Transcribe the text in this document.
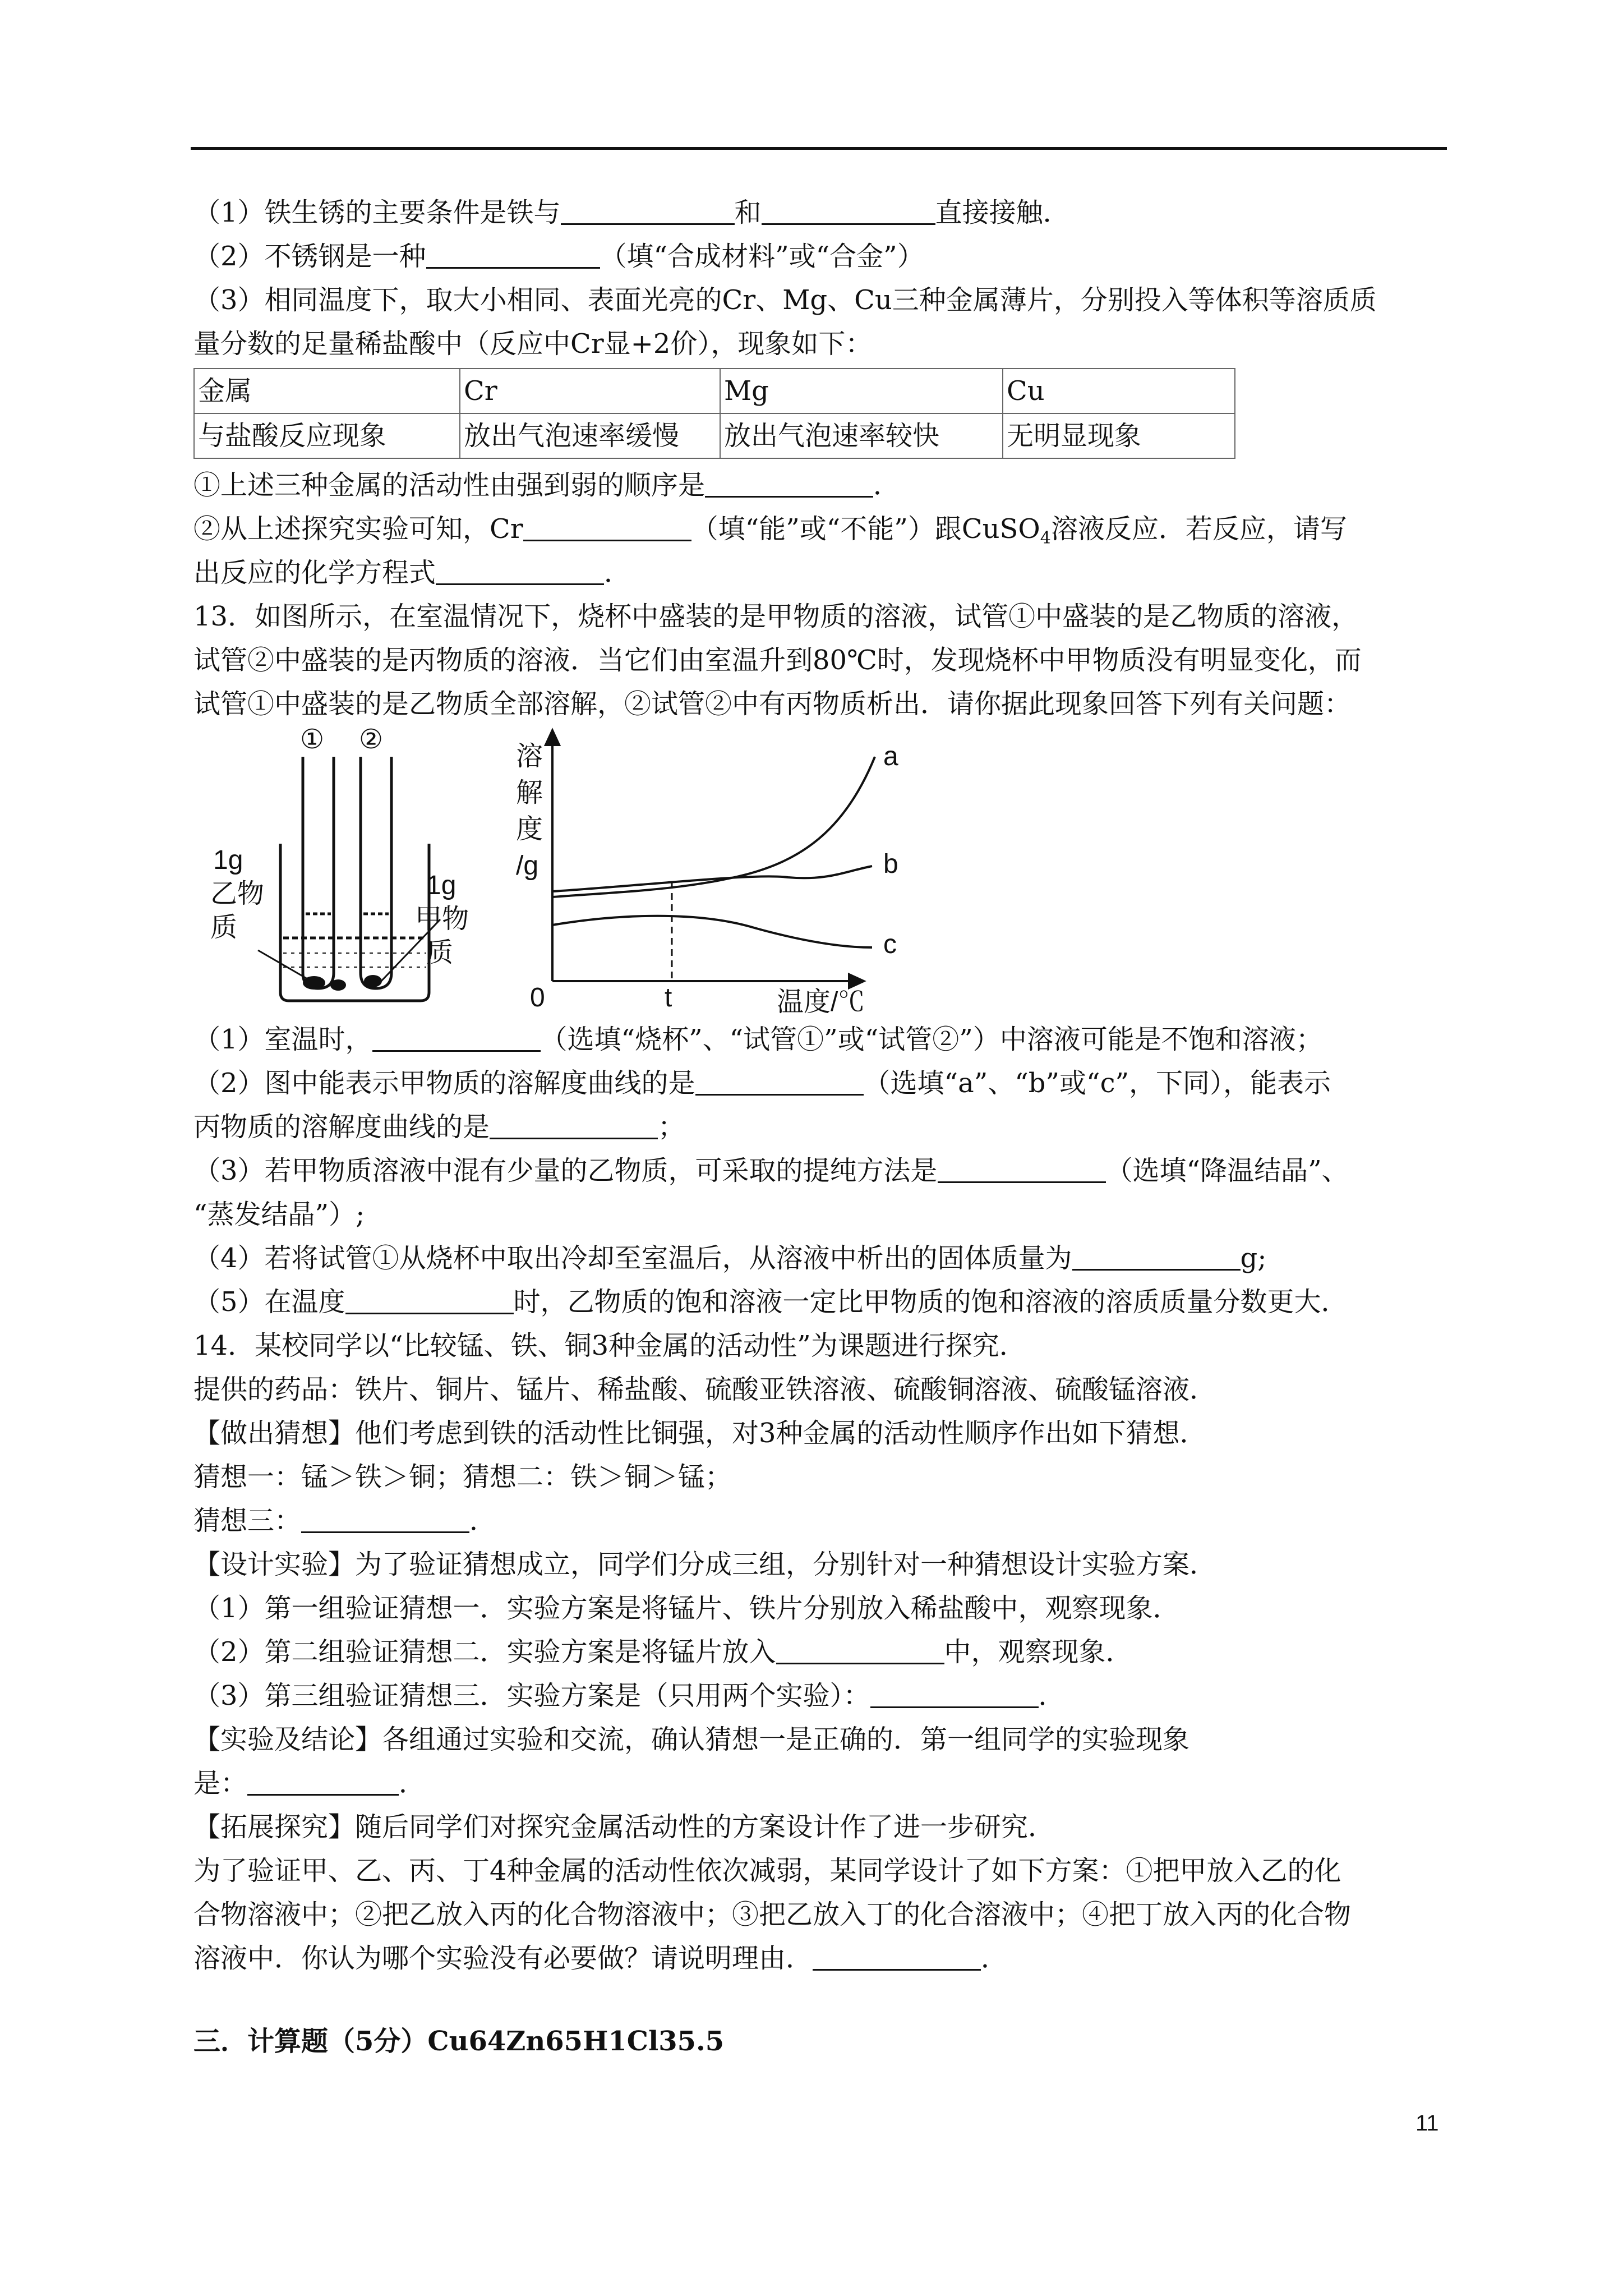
（1）铁生锈的主要条件是铁与	和	直接接触．
（2）不锈钢是一种	（填“合成材料”或“合金”）
（3）相同温度下，取大小相同、表面光亮的Cr、Mg、Cu三种金属薄片，分别投入等体积等溶质质
量分数的足量稀盐酸中（反应中Cr显+2价），现象如下：
金属	Cr	Mg	Cu
与盐酸反应现象	放出气泡速率缓慢	放出气泡速率较快	无明显现象
①上述三种金属的活动性由强到弱的顺序是	．
②从上述探究实验可知，Cr	（填“能”或“不能”）跟CuSO$_4$溶液反应．若反应，请写
出反应的化学方程式	．
13．如图所示，在室温情况下，烧杯中盛装的是甲物质的溶液，试管①中盛装的是乙物质的溶液，
试管②中盛装的是丙物质的溶液．当它们由室温升到80℃时，发现烧杯中甲物质没有明显变化，而
试管①中盛装的是乙物质全部溶解，②试管②中有丙物质析出．请你据此现象回答下列有关问题：
① ②
1g
乙物
质
1g
甲物
质
溶
解
度
/g
0	t	温度/℃
a
b
c
（1）室温时，	（选填“烧杯”、“试管①”或“试管②”）中溶液可能是不饱和溶液；
（2）图中能表示甲物质的溶解度曲线的是	（选填“a”、“b”或“c”，下同），能表示
丙物质的溶解度曲线的是	；
（3）若甲物质溶液中混有少量的乙物质，可采取的提纯方法是	（选填“降温结晶”、
“蒸发结晶”）;
（4）若将试管①从烧杯中取出冷却至室温后，从溶液中析出的固体质量为	g;
（5）在温度	时，乙物质的饱和溶液一定比甲物质的饱和溶液的溶质质量分数更大．
14．某校同学以“比较锰、铁、铜3种金属的活动性”为课题进行探究．
提供的药品：铁片、铜片、锰片、稀盐酸、硫酸亚铁溶液、硫酸铜溶液、硫酸锰溶液．
【做出猜想】他们考虑到铁的活动性比铜强，对3种金属的活动性顺序作出如下猜想．
猜想一：锰＞铁＞铜；猜想二：铁＞铜＞锰；
猜想三：	．
【设计实验】为了验证猜想成立，同学们分成三组，分别针对一种猜想设计实验方案．
（1）第一组验证猜想一．实验方案是将锰片、铁片分别放入稀盐酸中，观察现象．
（2）第二组验证猜想二．实验方案是将锰片放入	中，观察现象．
（3）第三组验证猜想三．实验方案是（只用两个实验）：	．
【实验及结论】各组通过实验和交流，确认猜想一是正确的．第一组同学的实验现象
是：	．
【拓展探究】随后同学们对探究金属活动性的方案设计作了进一步研究．
为了验证甲、乙、丙、丁4种金属的活动性依次减弱，某同学设计了如下方案：①把甲放入乙的化
合物溶液中；②把乙放入丙的化合物溶液中；③把乙放入丁的化合溶液中；④把丁放入丙的化合物
溶液中．你认为哪个实验没有必要做？请说明理由．	．
三．计算题（5分）Cu64Zn65H1Cl35.5
11
